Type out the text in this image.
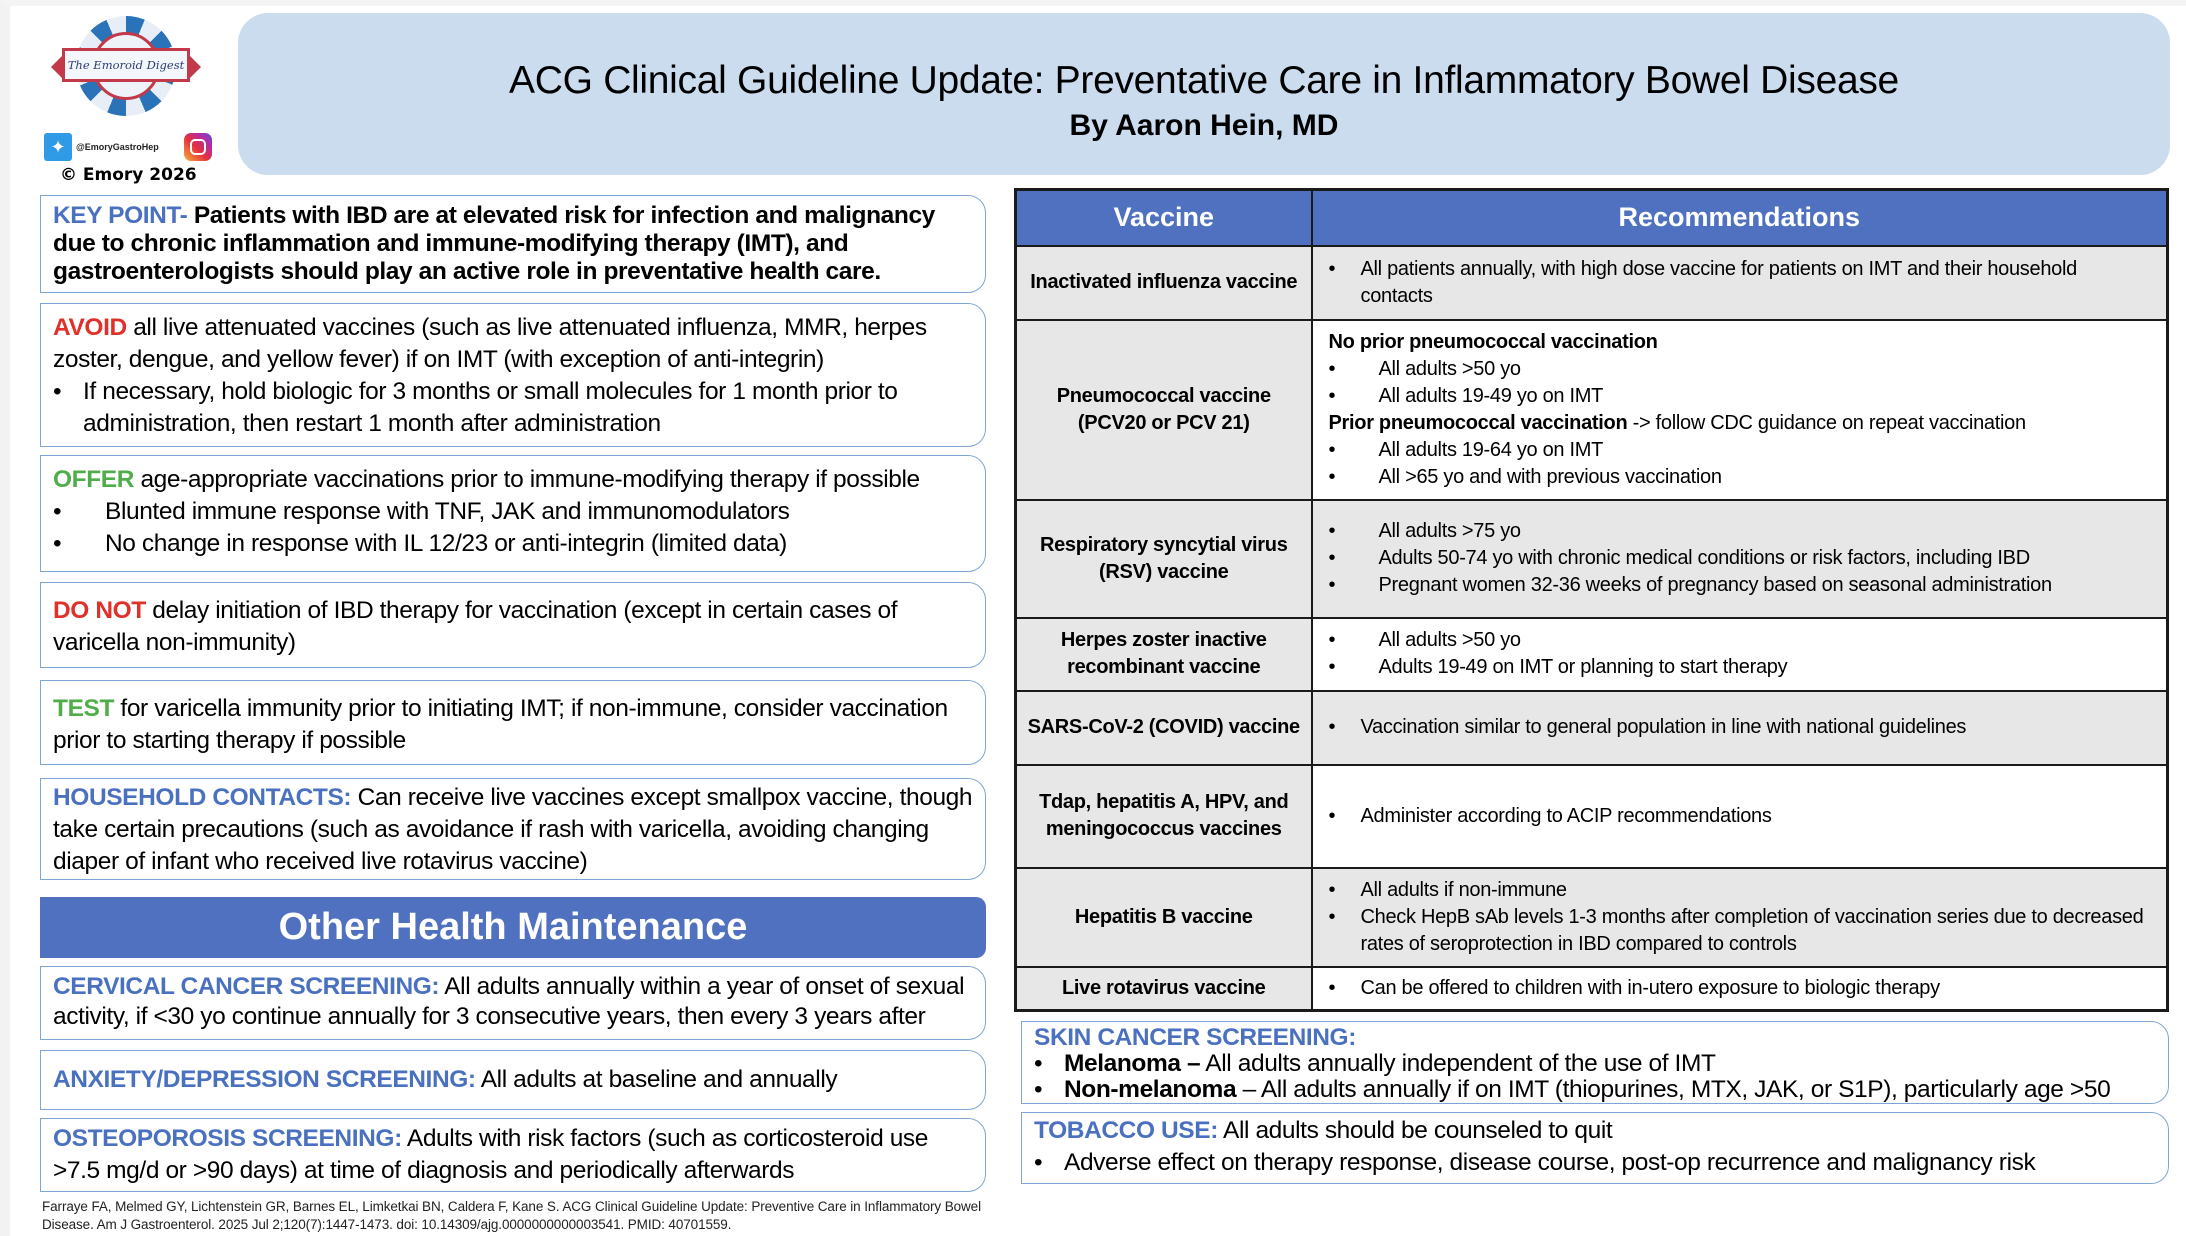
The Emoroid Digest
✦	@EmoryGastroHep
© Emory 2026
ACG Clinical Guideline Update: Preventative Care in Inflammatory Bowel Disease
By Aaron Hein, MD
KEY POINT- Patients with IBD are at elevated risk for infection and malignancy due to chronic inflammation and immune-modifying therapy (IMT), and gastroenterologists should play an active role in preventative health care.
AVOID all live attenuated vaccines (such as live attenuated influenza, MMR, herpes zoster, dengue, and yellow fever) if on IMT (with exception of anti-integrin)
• If necessary, hold biologic for 3 months or small molecules for 1 month prior to administration, then restart 1 month after administration
OFFER age-appropriate vaccinations prior to immune-modifying therapy if possible
•	Blunted immune response with TNF, JAK and immunomodulators
•	No change in response with IL 12/23 or anti-integrin (limited data)
DO NOT delay initiation of IBD therapy for vaccination (except in certain cases of varicella non-immunity)
TEST for varicella immunity prior to initiating IMT; if non-immune, consider vaccination prior to starting therapy if possible
HOUSEHOLD CONTACTS: Can receive live vaccines except smallpox vaccine, though take certain precautions (such as avoidance if rash with varicella, avoiding changing diaper of infant who received live rotavirus vaccine)
Other Health Maintenance
CERVICAL CANCER SCREENING: All adults annually within a year of onset of sexual activity, if <30 yo continue annually for 3 consecutive years, then every 3 years after
ANXIETY/DEPRESSION SCREENING: All adults at baseline and annually
OSTEOPOROSIS SCREENING: Adults with risk factors (such as corticosteroid use >7.5 mg/d or >90 days) at time of diagnosis and periodically afterwards
Farraye FA, Melmed GY, Lichtenstein GR, Barnes EL, Limketkai BN, Caldera F, Kane S. ACG Clinical Guideline Update: Preventive Care in Inflammatory Bowel Disease. Am J Gastroenterol. 2025 Jul 2;120(7):1447-1473. doi: 10.14309/ajg.0000000000003541. PMID: 40701559.
Vaccine	Recommendations
Inactivated influenza vaccine	• All patients annually, with high dose vaccine for patients on IMT and their household contacts

Pneumococcal vaccine (PCV20 or PCV 21)	
No prior pneumococcal vaccination
•	All adults >50 yo
•	All adults 19-49 yo on IMT
Prior pneumococcal vaccination -> follow CDC guidance on repeat vaccination
•	All adults 19-64 yo on IMT
•	All >65 yo and with previous vaccination

Respiratory syncytial virus (RSV) vaccine	
•	All adults >75 yo
•	Adults 50-74 yo with chronic medical conditions or risk factors, including IBD
•	Pregnant women 32-36 weeks of pregnancy based on seasonal administration

Herpes zoster inactive recombinant vaccine	• All adults >50 yo
• Adults 19-49 on IMT or planning to start therapy

SARS-CoV-2 (COVID) vaccine	• Vaccination similar to general population in line with national guidelines

Tdap, hepatitis A, HPV, and meningococcus vaccines	• Administer according to ACIP recommendations

Hepatitis B vaccine	• All adults if non-immune
• Check HepB sAb levels 1-3 months after completion of vaccination series due to decreased rates of seroprotection in IBD compared to controls

Live rotavirus vaccine	• Can be offered to children with in-utero exposure to biologic therapy
SKIN CANCER SCREENING:
• Melanoma – All adults annually independent of the use of IMT
• Non-melanoma – All adults annually if on IMT (thiopurines, MTX, JAK, or S1P), particularly age >50
TOBACCO USE: All adults should be counseled to quit
• Adverse effect on therapy response, disease course, post-op recurrence and malignancy risk
